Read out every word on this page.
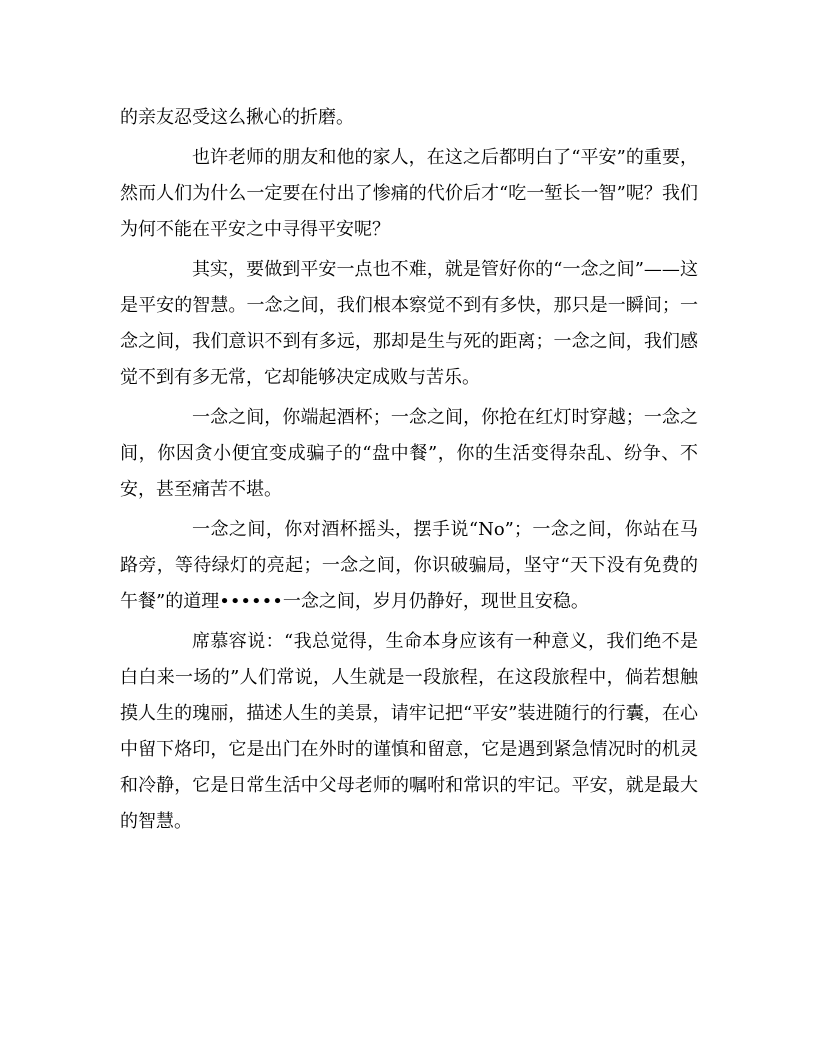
的亲友忍受这么揪心的折磨。

也许老师的朋友和他的家人，在这之后都明白了“平安”的重要，然而人们为什么一定要在付出了惨痛的代价后才“吃一堑长一智”呢？我们为何不能在平安之中寻得平安呢？

其实，要做到平安一点也不难，就是管好你的“一念之间”——这是平安的智慧。一念之间，我们根本察觉不到有多快，那只是一瞬间；一念之间，我们意识不到有多远，那却是生与死的距离；一念之间，我们感觉不到有多无常，它却能够决定成败与苦乐。

一念之间，你端起酒杯；一念之间，你抢在红灯时穿越；一念之间，你因贪小便宜变成骗子的“盘中餐”，你的生活变得杂乱、纷争、不安，甚至痛苦不堪。

一念之间，你对酒杯摇头，摆手说“No”；一念之间，你站在马路旁，等待绿灯的亮起；一念之间，你识破骗局，坚守“天下没有免费的午餐”的道理••••••一念之间，岁月仍静好，现世且安稳。

席慕容说：“我总觉得，生命本身应该有一种意义，我们绝不是白白来一场的”人们常说，人生就是一段旅程，在这段旅程中，倘若想触摸人生的瑰丽，描述人生的美景，请牢记把“平安”装进随行的行囊，在心中留下烙印，它是出门在外时的谨慎和留意，它是遇到紧急情况时的机灵和冷静，它是日常生活中父母老师的嘱咐和常识的牢记。平安，就是最大的智慧。
